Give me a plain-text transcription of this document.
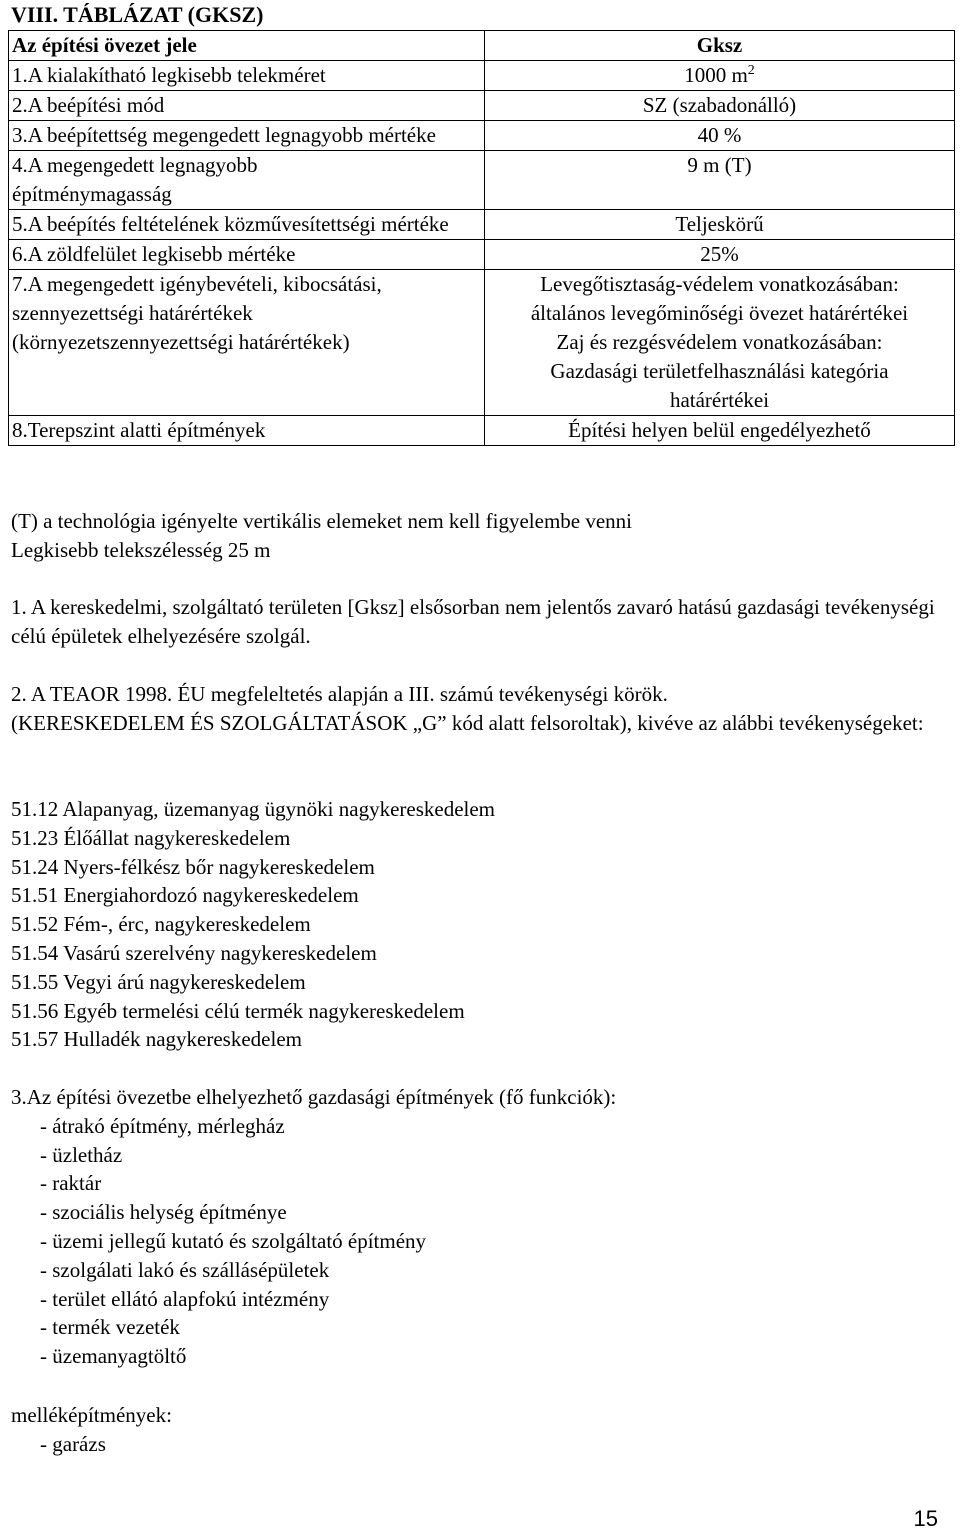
VIII. TÁBLÁZAT (GKSZ)
Az építési övezet jele	Gksz
1.A kialakítható legkisebb telekméret	1000 $m^2$
2.A beépítési mód	SZ (szabadonálló)
3.A beépítettség megengedett legnagyobb mértéke	40 %
4.A megengedett legnagyobb építménymagasság	9 m (T)
5.A beépítés feltételének közművesítettségi mértéke	Teljeskörű
6.A zöldfelület legkisebb mértéke	25%
7.A megengedett igénybevételi, kibocsátási, szennyezettségi határértékek (környezetszennyezettségi határértékek)	Levegőtisztaság-védelem vonatkozásában:
általános levegőminőségi övezet határértékei
Zaj és rezgésvédelem vonatkozásában:
Gazdasági területfelhasználási kategória
határértékei

8.Terepszint alatti építmények	Építési helyen belül engedélyezhető
(T) a technológia igényelte vertikális elemeket nem kell figyelembe venni
Legkisebb telekszélesség 25 m
1. A kereskedelmi, szolgáltató területen [Gksz] elsősorban nem jelentős zavaró hatású gazdasági tevékenységi célú épületek elhelyezésére szolgál.
2. A TEAOR 1998. ÉU megfeleltetés alapján a III. számú tevékenységi körök.
(KERESKEDELEM ÉS SZOLGÁLTATÁSOK „G” kód alatt felsoroltak), kivéve az alábbi tevékenységeket:
51.12 Alapanyag, üzemanyag ügynöki nagykereskedelem
51.23 Élőállat nagykereskedelem
51.24 Nyers-félkész bőr nagykereskedelem
51.51 Energiahordozó nagykereskedelem
51.52 Fém-, érc, nagykereskedelem
51.54 Vasárú szerelvény nagykereskedelem
51.55 Vegyi árú nagykereskedelem
51.56 Egyéb termelési célú termék nagykereskedelem
51.57 Hulladék nagykereskedelem
3.Az építési övezetbe elhelyezhető gazdasági építmények (fő funkciók):
- átrakó építmény, mérlegház
- üzletház
- raktár
- szociális helység építménye
- üzemi jellegű kutató és szolgáltató építmény
- szolgálati lakó és szállásépületek
- terület ellátó alapfokú intézmény
- termék vezeték
- üzemanyagtöltő
melléképítmények:
- garázs
15
